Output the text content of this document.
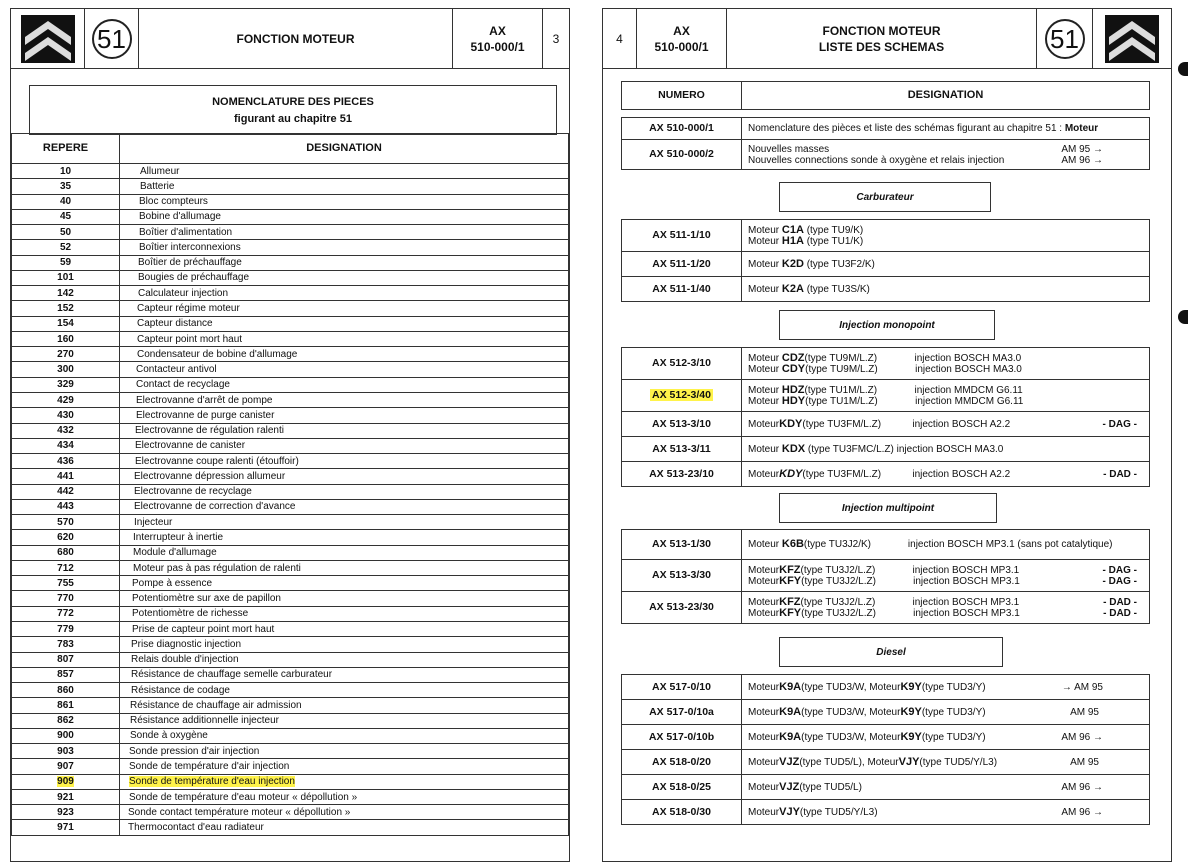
51	FONCTION MOTEUR
AX
510-000/1
3
NOMENCLATURE DES PIECES
figurant au chapitre 51
REPERE	DESIGNATION
10	Allumeur
35	Batterie
40	Bloc compteurs
45	Bobine d'allumage
50	Boîtier d'alimentation
52	Boîtier interconnexions
59	Boîtier de préchauffage
101	Bougies de préchauffage
142	Calculateur injection
152	Capteur régime moteur
154	Capteur distance
160	Capteur point mort haut
270	Condensateur de bobine d'allumage
300	Contacteur antivol
329	Contact de recyclage
429	Electrovanne d'arrêt de pompe
430	Electrovanne de purge canister
432	Electrovanne de régulation ralenti
434	Electrovanne de canister
436	Electrovanne coupe ralenti (étouffoir)
441	Electrovanne dépression allumeur
442	Electrovanne de recyclage
443	Electrovanne de correction d'avance
570	Injecteur
620	Interrupteur à inertie
680	Module d'allumage
712	Moteur pas à pas régulation de ralenti
755	Pompe à essence
770	Potentiomètre sur axe de papillon
772	Potentiomètre de richesse
779	Prise de capteur point mort haut
783	Prise diagnostic injection
807	Relais double d'injection
857	Résistance de chauffage semelle carburateur
860	Résistance de codage
861	Résistance de chauffage air admission
862	Résistance additionnelle injecteur
900	Sonde à oxygène
903	Sonde pression d'air injection
907	Sonde de température d'air injection
909	Sonde de température d'eau injection
921	Sonde de température d'eau moteur « dépollution »
923	Sonde contact température moteur « dépollution »
971	Thermocontact d'eau radiateur
4
AX
510-000/1
FONCTION MOTEUR
LISTE DES SCHEMAS	51
NUMERO	DESIGNATION
AX 510-000/1	Nomenclature des pièces et liste des schémas figurant au chapitre 51 : Moteur
AX 510-000/2	Nouvelles masses AM 95 →
Nouvelles connections sonde à oxygène et relais injection AM 96 →
Carburateur
AX 511-1/10	Moteur C1A (type TU9/K)
Moteur H1A (type TU1/K)

AX 511-1/20	Moteur K2D (type TU3F2/K)
AX 511-1/40	Moteur K2A (type TU3S/K)
Injection monopoint
AX 512-3/10	Moteur CDZ(type TU9M/L.Z) injection BOSCH MA3.0
Moteur CDY(type TU9M/L.Z) injection BOSCH MA3.0

AX 512-3/40	Moteur HDZ(type TU1M/L.Z) injection MMDCM G6.11
Moteur HDY(type TU1M/L.Z) injection MMDCM G6.11

AX 513-3/10	MoteurKDY(type TU3FM/L.Z) injection BOSCH A2.2 - DAG -

AX 513-3/11	Moteur KDX (type TU3FMC/L.Z) injection BOSCH MA3.0
AX 513-23/10	MoteurKDY(type TU3FM/L.Z) injection BOSCH A2.2 - DAD -
Injection multipoint
AX 513-1/30	Moteur K6B(type TU3J2/K) injection BOSCH MP3.1 (sans pot catalytique)
AX 513-3/30	MoteurKFZ(type TU3J2/L.Z) injection BOSCH MP3.1 - DAG -
MoteurKFY(type TU3J2/L.Z) injection BOSCH MP3.1 - DAG -

AX 513-23/30	MoteurKFZ(type TU3J2/L.Z) injection BOSCH MP3.1 - DAD -
MoteurKFY(type TU3J2/L.Z) injection BOSCH MP3.1 - DAD -
Diesel
AX 517-0/10	MoteurK9A(type TUD3/W, MoteurK9Y(type TUD3/Y) → AM 95

AX 517-0/10a	MoteurK9A(type TUD3/W, MoteurK9Y(type TUD3/Y) AM 95

AX 517-0/10b	MoteurK9A(type TUD3/W, MoteurK9Y(type TUD3/Y) AM 96 →

AX 518-0/20	MoteurVJZ(type TUD5/L), MoteurVJY(type TUD5/Y/L3) AM 95

AX 518-0/25	MoteurVJZ(type TUD5/L) AM 96 →

AX 518-0/30	MoteurVJY(type TUD5/Y/L3) AM 96 →
